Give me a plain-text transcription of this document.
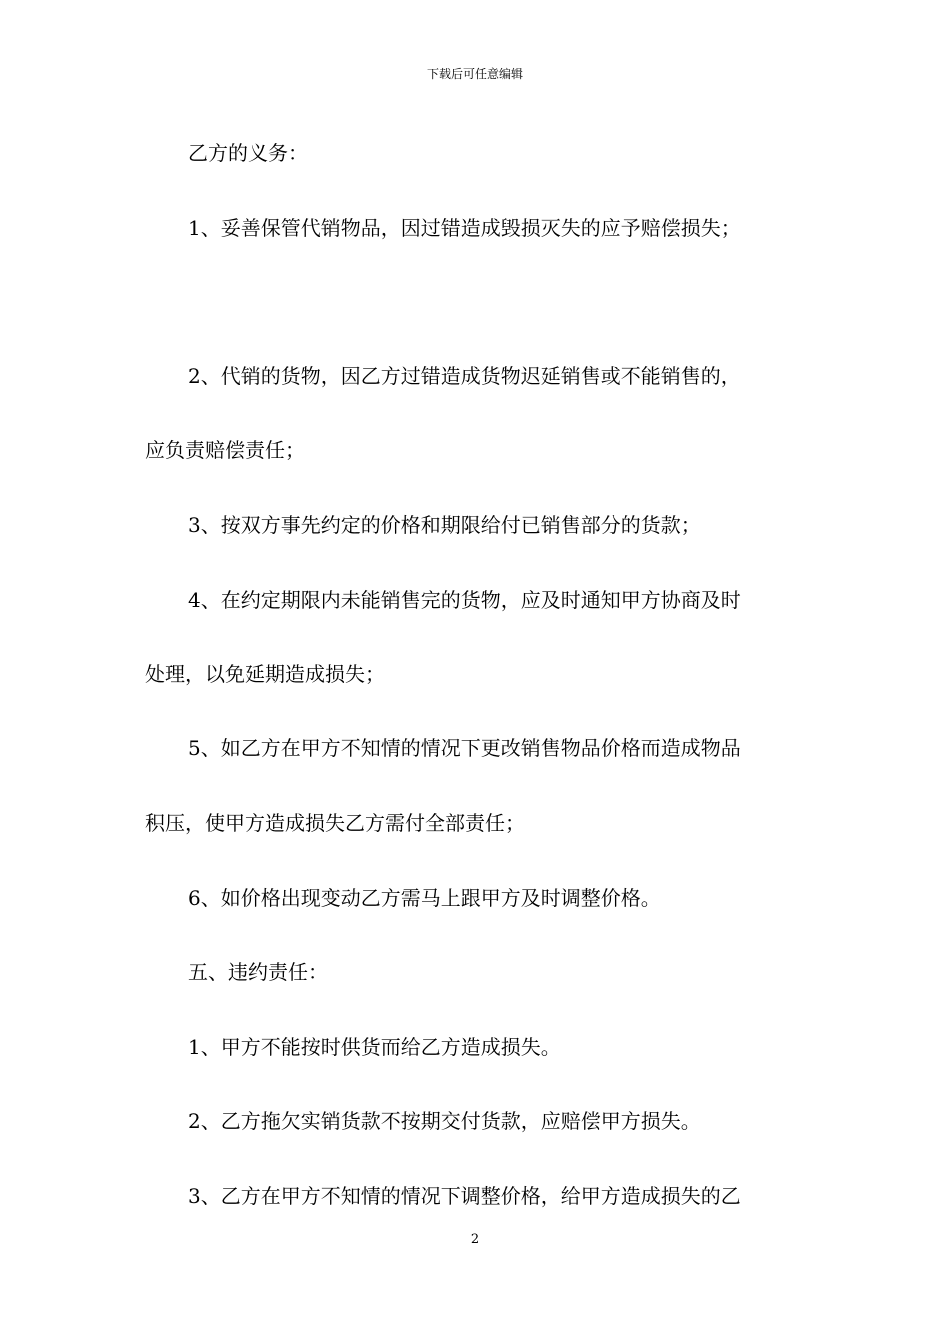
下载后可任意编辑
乙方的义务：
1、妥善保管代销物品，因过错造成毁损灭失的应予赔偿损失；
2、代销的货物，因乙方过错造成货物迟延销售或不能销售的，
应负责赔偿责任；
3、按双方事先约定的价格和期限给付已销售部分的货款；
4、在约定期限内未能销售完的货物，应及时通知甲方协商及时
处理，以免延期造成损失；
5、如乙方在甲方不知情的情况下更改销售物品价格而造成物品
积压，使甲方造成损失乙方需付全部责任；
6、如价格出现变动乙方需马上跟甲方及时调整价格。
五、违约责任：
1、甲方不能按时供货而给乙方造成损失。
2、乙方拖欠实销货款不按期交付货款，应赔偿甲方损失。
3、乙方在甲方不知情的情况下调整价格，给甲方造成损失的乙
2
